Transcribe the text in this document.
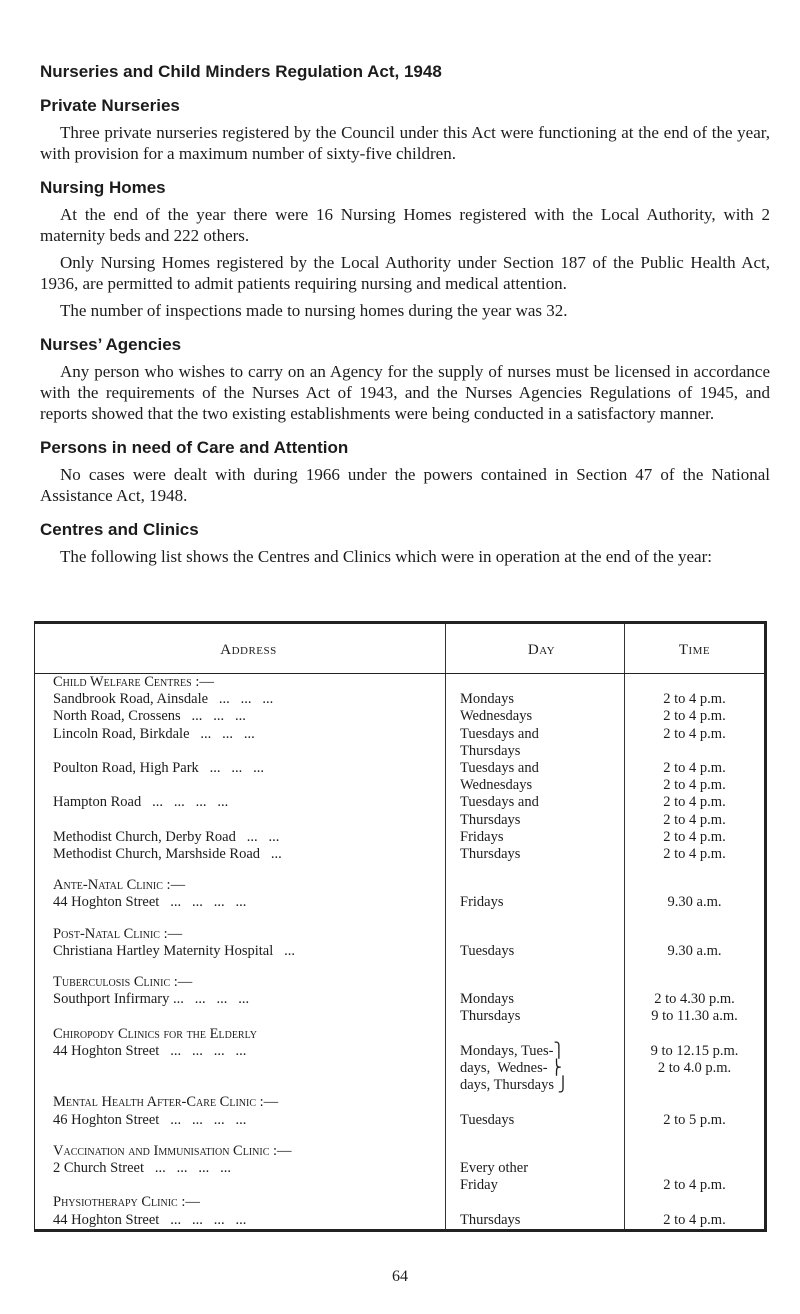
Nurseries and Child Minders Regulation Act, 1948
Private Nurseries

Three private nurseries registered by the Council under this Act were functioning at the end of the year, with provision for a maximum number of sixty-five children.

Nursing Homes

At the end of the year there were 16 Nursing Homes registered with the Local Authority, with 2 maternity beds and 222 others.

Only Nursing Homes registered by the Local Authority under Section 187 of the Public Health Act, 1936, are permitted to admit patients requiring nursing and medical attention.

The number of inspections made to nursing homes during the year was 32.

Nurses’ Agencies

Any person who wishes to carry on an Agency for the supply of nurses must be licensed in accordance with the requirements of the Nurses Act of 1943, and the Nurses Agencies Regulations of 1945, and reports showed that the two existing establishments were being conducted in a satisfactory manner.

Persons in need of Care and Attention

No cases were dealt with during 1966 under the powers contained in Section 47 of the National Assistance Act, 1948.

Centres and Clinics

The following list shows the Centres and Clinics which were in operation at the end of the year:

Address	Day	Time
Child Welfare Centres :—		
Sandbrook Road, Ainsdale   ...   ...   ...	Mondays	2 to 4 p.m.
North Road, Crossens   ...   ...   ...	Wednesdays	2 to 4 p.m.
Lincoln Road, Birkdale   ...   ...   ...	Tuesdays and	2 to 4 p.m.
	Thursdays	
Poulton Road, High Park   ...   ...   ...	Tuesdays and	2 to 4 p.m.
	Wednesdays	2 to 4 p.m.
Hampton Road   ...   ...   ...   ...	Tuesdays and	2 to 4 p.m.
	Thursdays	2 to 4 p.m.
Methodist Church, Derby Road   ...   ...	Fridays	2 to 4 p.m.
Methodist Church, Marshside Road   ...	Thursdays	2 to 4 p.m.

Ante-Natal Clinic :—		
44 Hoghton Street   ...   ...   ...   ...	Fridays	9.30 a.m.

Post-Natal Clinic :—		
Christiana Hartley Maternity Hospital   ...	Tuesdays	9.30 a.m.

Tuberculosis Clinic :—		
Southport Infirmary ...   ...   ...   ...	Mondays	2 to 4.30 p.m.
	Thursdays	9 to 11.30 a.m.
Chiropody Clinics for the Elderly		
44 Hoghton Street   ...   ...   ...   ...	Mondays, Tues-⎫	9 to 12.15 p.m.
	days,  Wednes- ⎬	2 to 4.0 p.m.
	days, Thursdays ⎭	
Mental Health After-Care Clinic :—		
46 Hoghton Street   ...   ...   ...   ...	Tuesdays	2 to 5 p.m.

Vaccination and Immunisation Clinic :—		
2 Church Street   ...   ...   ...   ...	Every other	
	Friday	2 to 4 p.m.
Physiotherapy Clinic :—		
44 Hoghton Street   ...   ...   ...   ...	Thursdays	2 to 4 p.m.
64
